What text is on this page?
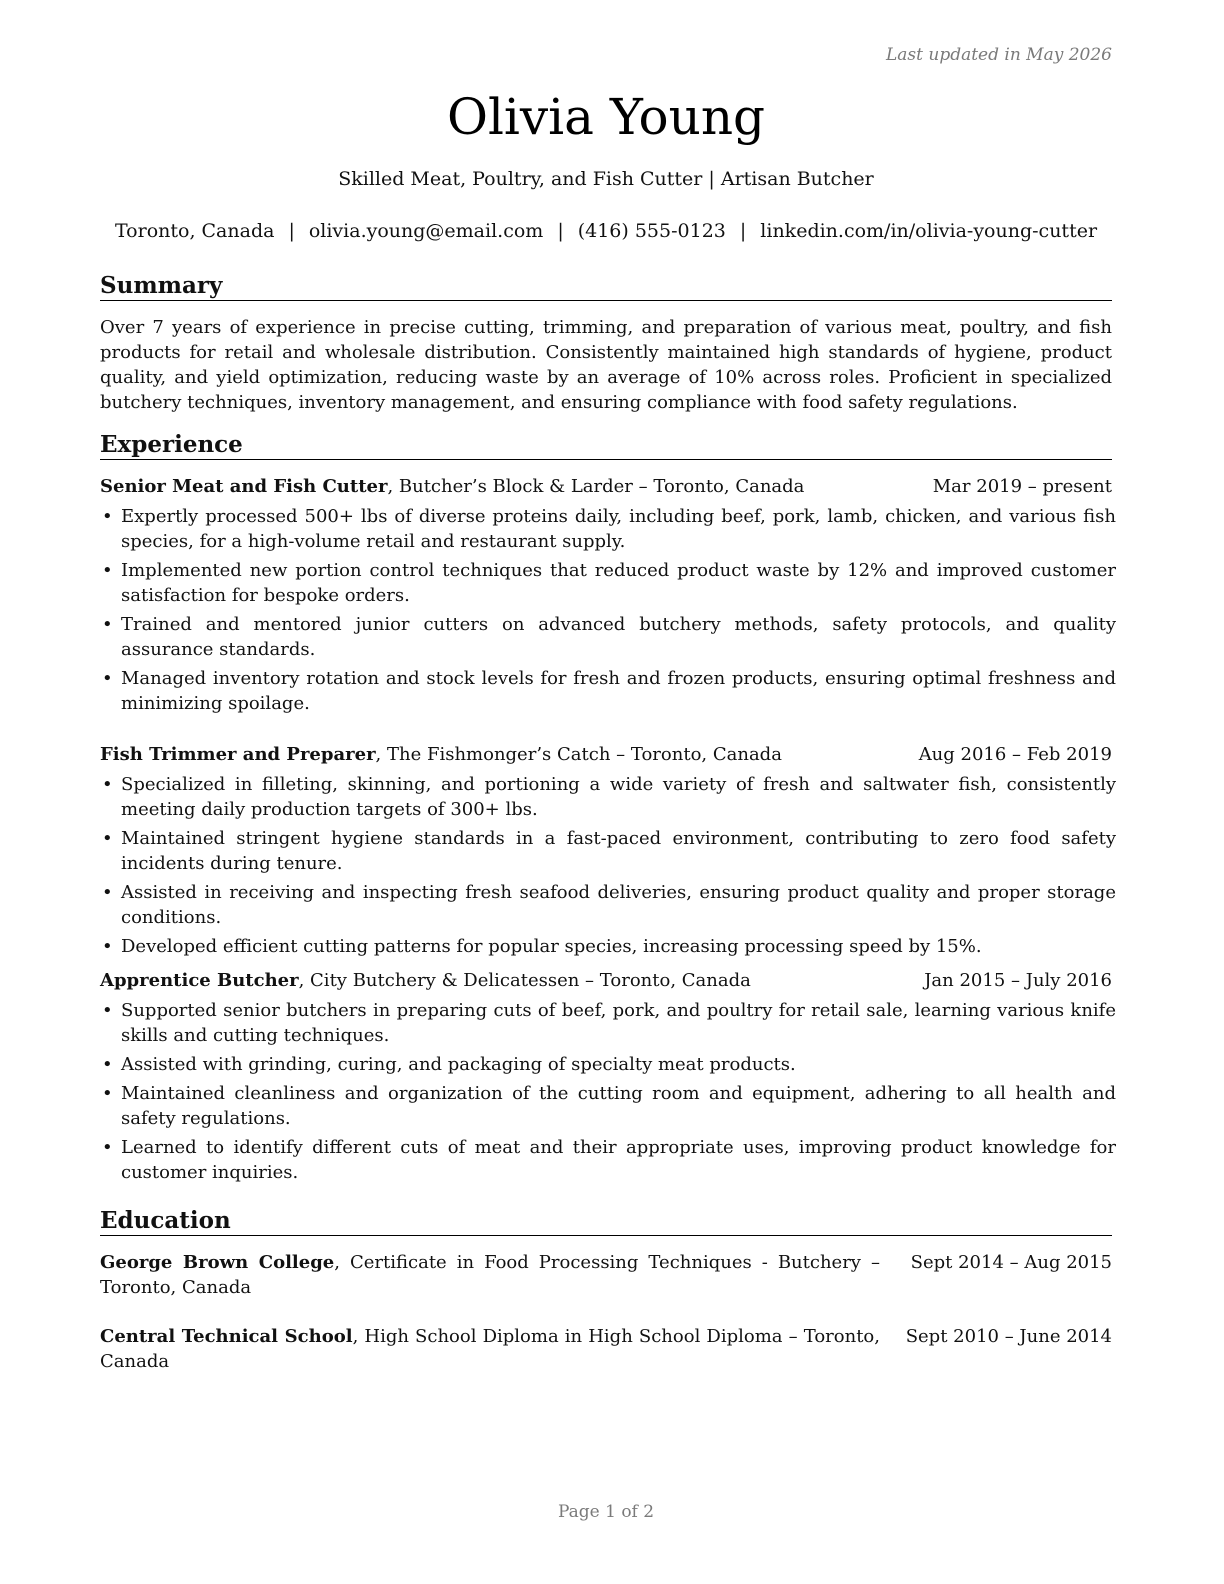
Last updated in May 2026
Olivia Young
Skilled Meat, Poultry, and Fish Cutter | Artisan Butcher
Toronto, Canada | olivia.young@email.com | (416) 555-0123 | linkedin.com/in/olivia-young-cutter
Summary
Over 7 years of experience in precise cutting, trimming, and preparation of various meat, poultry, and fish products for retail and wholesale distribution. Consistently maintained high standards of hygiene, product quality, and yield optimization, reducing waste by an average of 10% across roles. Proficient in specialized butchery techniques, inventory management, and ensuring compliance with food safety regulations.
Experience
Senior Meat and Fish Cutter, Butcher’s Block & Larder – Toronto, Canada	Mar 2019 – present
• Expertly processed 500+ lbs of diverse proteins daily, including beef, pork, lamb, chicken, and various fish species, for a high-volume retail and restaurant supply.
• Implemented new portion control techniques that reduced product waste by 12% and improved customer satisfaction for bespoke orders.
• Trained and mentored junior cutters on advanced butchery methods, safety protocols, and quality assurance standards.
• Managed inventory rotation and stock levels for fresh and frozen products, ensuring optimal freshness and minimizing spoilage.
Fish Trimmer and Preparer, The Fishmonger’s Catch – Toronto, Canada	Aug 2016 – Feb 2019
• Specialized in filleting, skinning, and portioning a wide variety of fresh and saltwater fish, consistently meeting daily production targets of 300+ lbs.
• Maintained stringent hygiene standards in a fast-paced environment, contributing to zero food safety incidents during tenure.
• Assisted in receiving and inspecting fresh seafood deliveries, ensuring product quality and proper storage conditions.
• Developed efficient cutting patterns for popular species, increasing processing speed by 15%.
Apprentice Butcher, City Butchery & Delicatessen – Toronto, Canada	Jan 2015 – July 2016
• Supported senior butchers in preparing cuts of beef, pork, and poultry for retail sale, learning various knife skills and cutting techniques.
• Assisted with grinding, curing, and packaging of specialty meat products.
• Maintained cleanliness and organization of the cutting room and equipment, adhering to all health and safety regulations.
• Learned to identify different cuts of meat and their appropriate uses, improving product knowledge for customer inquiries.
Education
George Brown College, Certificate in Food Processing Techniques - Butchery – Toronto, Canada
Sept 2014 – Aug 2015
Central Technical School, High School Diploma in High School Diploma – Toronto, Canada
Sept 2010 – June 2014
Page 1 of 2
